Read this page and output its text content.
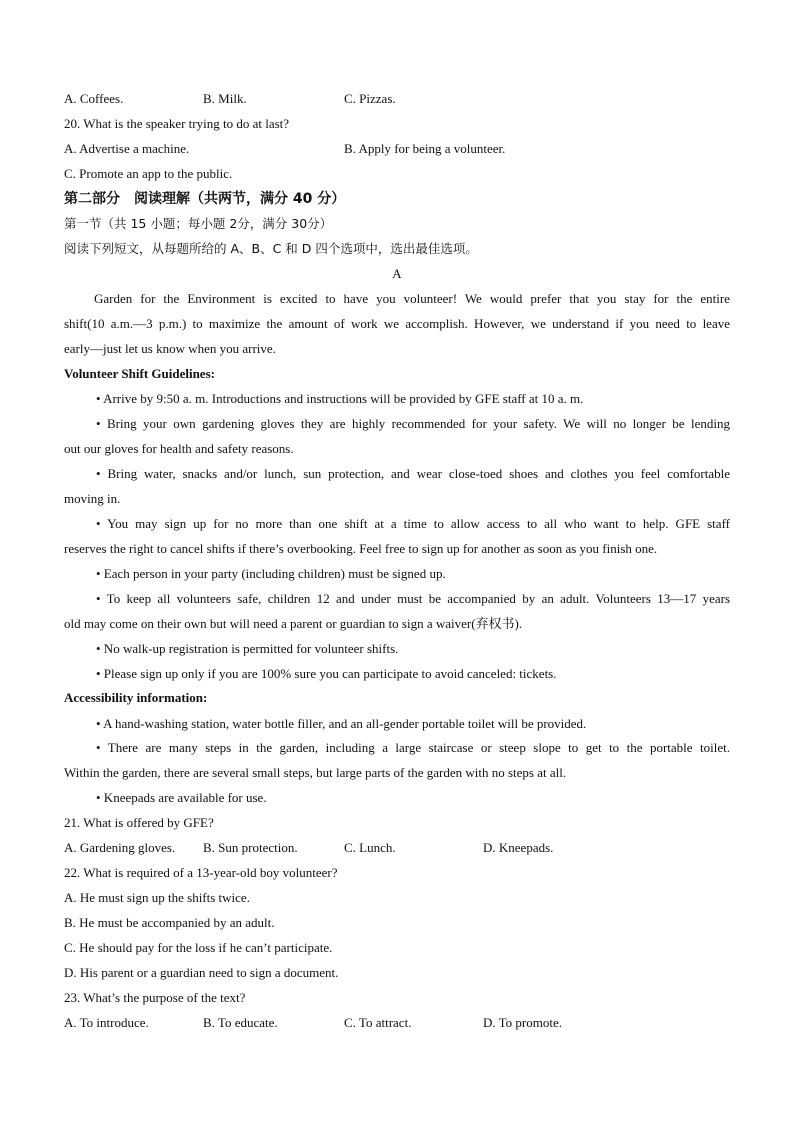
A. Coffees.	B. Milk.	C. Pizzas.
20. What is the speaker trying to do at last?
A. Advertise a machine.	B. Apply for being a volunteer.
C. Promote an app to the public.
第二部分　阅读理解（共两节，满分 40 分）
第一节（共 15 小题；每小题 2分，满分 30分）
阅读下列短文，从每题所给的 A、B、C 和 D 四个选项中，选出最佳选项。
A
Garden for the Environment is excited to have you volunteer! We would prefer that you stay for the entire
shift(10 a.m.—3 p.m.) to maximize the amount of work we accomplish. However, we understand if you need to leave
early—just let us know when you arrive.
Volunteer Shift Guidelines:
• Arrive by 9:50 a. m. Introductions and instructions will be provided by GFE staff at 10 a. m.
• Bring your own gardening gloves they are highly recommended for your safety. We will no longer be lending
out our gloves for health and safety reasons.
• Bring water, snacks and/or lunch, sun protection, and wear close-toed shoes and clothes you feel comfortable
moving in.
• You may sign up for no more than one shift at a time to allow access to all who want to help. GFE staff
reserves the right to cancel shifts if there’s overbooking. Feel free to sign up for another as soon as you finish one.
• Each person in your party (including children) must be signed up.
• To keep all volunteers safe, children 12 and under must be accompanied by an adult. Volunteers 13—17 years
old may come on their own but will need a parent or guardian to sign a waiver(弃权书).
• No walk-up registration is permitted for volunteer shifts.
• Please sign up only if you are 100% sure you can participate to avoid canceled: tickets.
Accessibility information:
• A hand-washing station, water bottle filler, and an all-gender portable toilet will be provided.
• There are many steps in the garden, including a large staircase or steep slope to get to the portable toilet.
Within the garden, there are several small steps, but large parts of the garden with no steps at all.
• Kneepads are available for use.
21. What is offered by GFE?
A. Gardening gloves. B. Sun protection.	C. Lunch.	D. Kneepads.
22. What is required of a 13-year-old boy volunteer?
A. He must sign up the shifts twice.
B. He must be accompanied by an adult.
C. He should pay for the loss if he can’t participate.
D. His parent or a guardian need to sign a document.
23. What’s the purpose of the text?
A. To introduce.	B. To educate.	C. To attract.	D. To promote.
